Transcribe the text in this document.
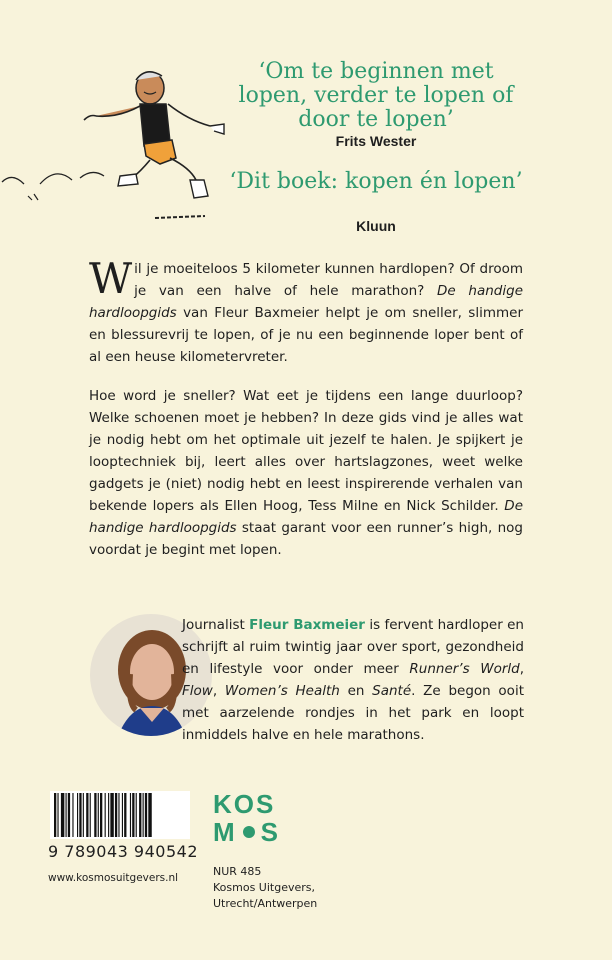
‘Om te beginnen met lopen, verder te lopen of door te lopen’

Frits Wester

‘Dit boek: kopen én lopen’

Kluun

Wil je moeiteloos 5 kilometer kunnen hardlopen? Of droom je van een halve of hele marathon? De handige hardloopgids van Fleur Baxmeier helpt je om sneller, slimmer en blessurevrij te lopen, of je nu een beginnende loper bent of al een heuse kilometervreter.

Hoe word je sneller? Wat eet je tijdens een lange duurloop? Welke schoenen moet je hebben? In deze gids vind je alles wat je nodig hebt om het optimale uit jezelf te halen. Je spijkert je looptechniek bij, leert alles over hartslagzones, weet welke gadgets je (niet) nodig hebt en leest inspirerende verhalen van bekende lopers als Ellen Hoog, Tess Milne en Nick Schilder. De handige hardloopgids staat garant voor een runner’s high, nog voordat je begint met lopen.

Journalist Fleur Baxmeier is fervent hardloper en schrijft al ruim twintig jaar over sport, gezondheid en lifestyle voor onder meer Runner’s World, Flow, Women’s Health en Santé. Ze begon ooit met aarzelende rondjes in het park en loopt inmiddels halve en hele marathons.

9 789043 940542
www.kosmosuitgevers.nl
KOS
M S
NUR 485
Kosmos Uitgevers,
Utrecht/Antwerpen
